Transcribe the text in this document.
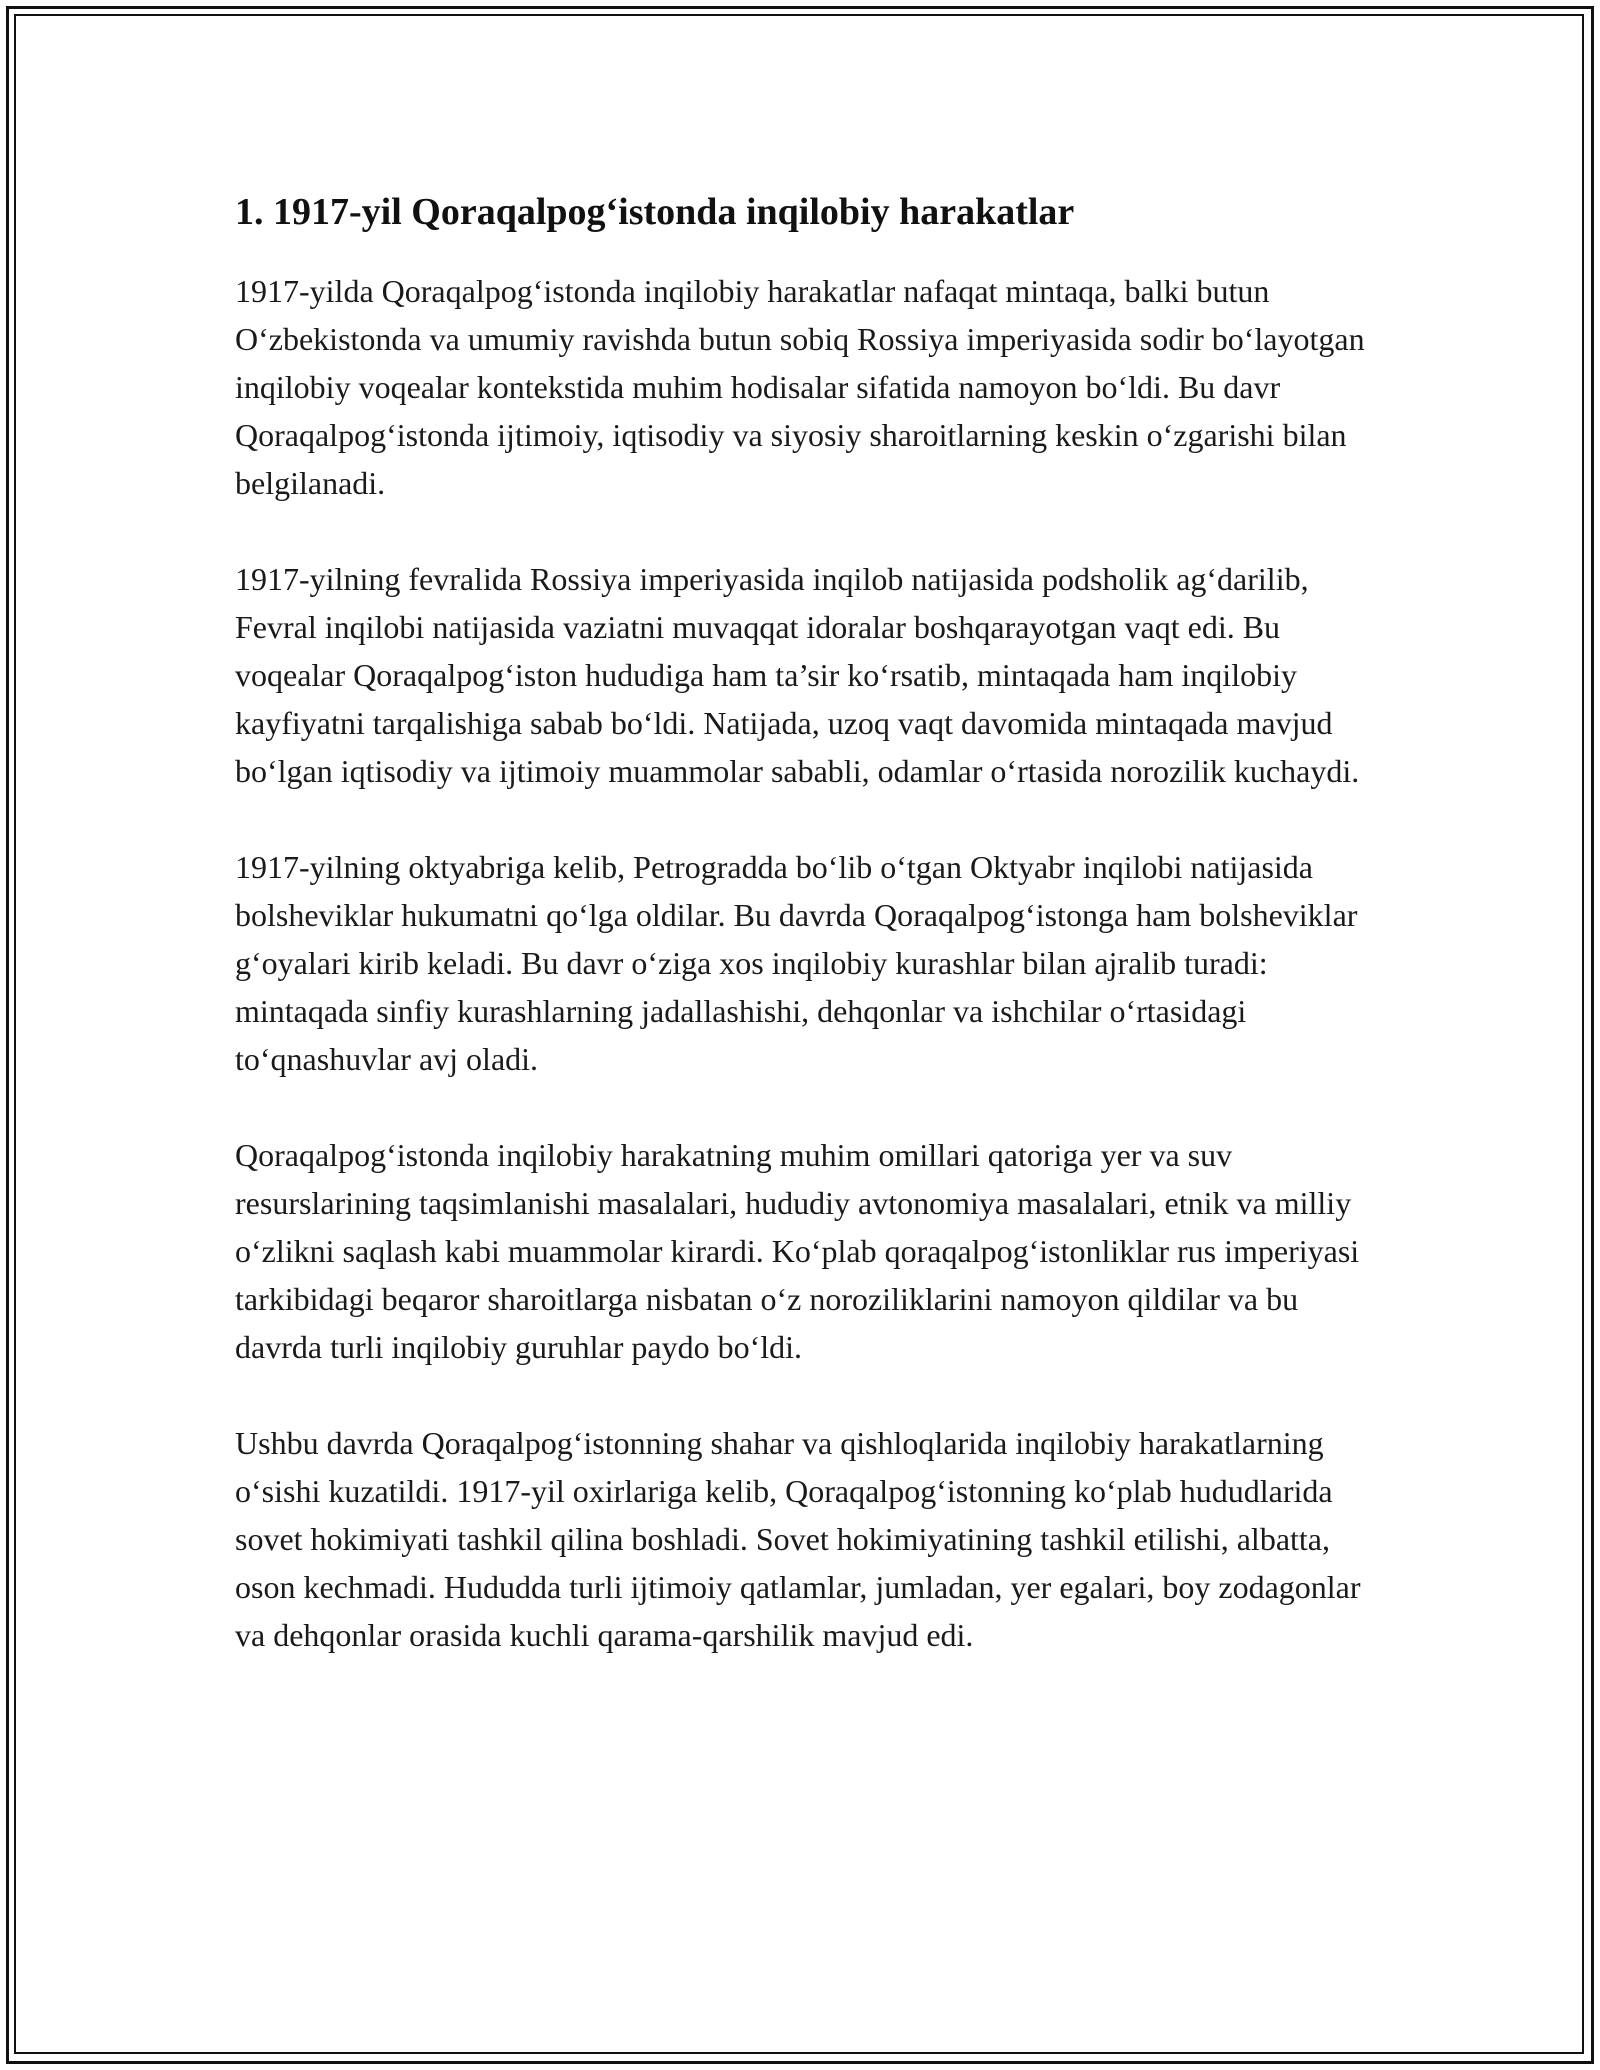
1. 1917-yil Qoraqalpog‘istonda inqilobiy harakatlar

1917-yilda Qoraqalpog‘istonda inqilobiy harakatlar nafaqat mintaqa, balki butun O‘zbekistonda va umumiy ravishda butun sobiq Rossiya imperiyasida sodir bo‘layotgan inqilobiy voqealar kontekstida muhim hodisalar sifatida namoyon bo‘ldi. Bu davr Qoraqalpog‘istonda ijtimoiy, iqtisodiy va siyosiy sharoitlarning keskin o‘zgarishi bilan belgilanadi.

1917-yilning fevralida Rossiya imperiyasida inqilob natijasida podsholik ag‘darilib, Fevral inqilobi natijasida vaziatni muvaqqat idoralar boshqarayotgan vaqt edi. Bu voqealar Qoraqalpog‘iston hududiga ham ta’sir ko‘rsatib, mintaqada ham inqilobiy kayfiyatni tarqalishiga sabab bo‘ldi. Natijada, uzoq vaqt davomida mintaqada mavjud bo‘lgan iqtisodiy va ijtimoiy muammolar sababli, odamlar o‘rtasida norozilik kuchaydi.

1917-yilning oktyabriga kelib, Petrogradda bo‘lib o‘tgan Oktyabr inqilobi natijasida bolsheviklar hukumatni qo‘lga oldilar. Bu davrda Qoraqalpog‘istonga ham bolsheviklar g‘oyalari kirib keladi. Bu davr o‘ziga xos inqilobiy kurashlar bilan ajralib turadi: mintaqada sinfiy kurashlarning jadallashishi, dehqonlar va ishchilar o‘rtasidagi to‘qnashuvlar avj oladi.

Qoraqalpog‘istonda inqilobiy harakatning muhim omillari qatoriga yer va suv resurslarining taqsimlanishi masalalari, hududiy avtonomiya masalalari, etnik va milliy o‘zlikni saqlash kabi muammolar kirardi. Ko‘plab qoraqalpog‘istonliklar rus imperiyasi tarkibidagi beqaror sharoitlarga nisbatan o‘z noroziliklarini namoyon qildilar va bu davrda turli inqilobiy guruhlar paydo bo‘ldi.

Ushbu davrda Qoraqalpog‘istonning shahar va qishloqlarida inqilobiy harakatlarning o‘sishi kuzatildi. 1917-yil oxirlariga kelib, Qoraqalpog‘istonning ko‘plab hududlarida sovet hokimiyati tashkil qilina boshladi. Sovet hokimiyatining tashkil etilishi, albatta, oson kechmadi. Hududda turli ijtimoiy qatlamlar, jumladan, yer egalari, boy zodagonlar va dehqonlar orasida kuchli qarama-qarshilik mavjud edi.
